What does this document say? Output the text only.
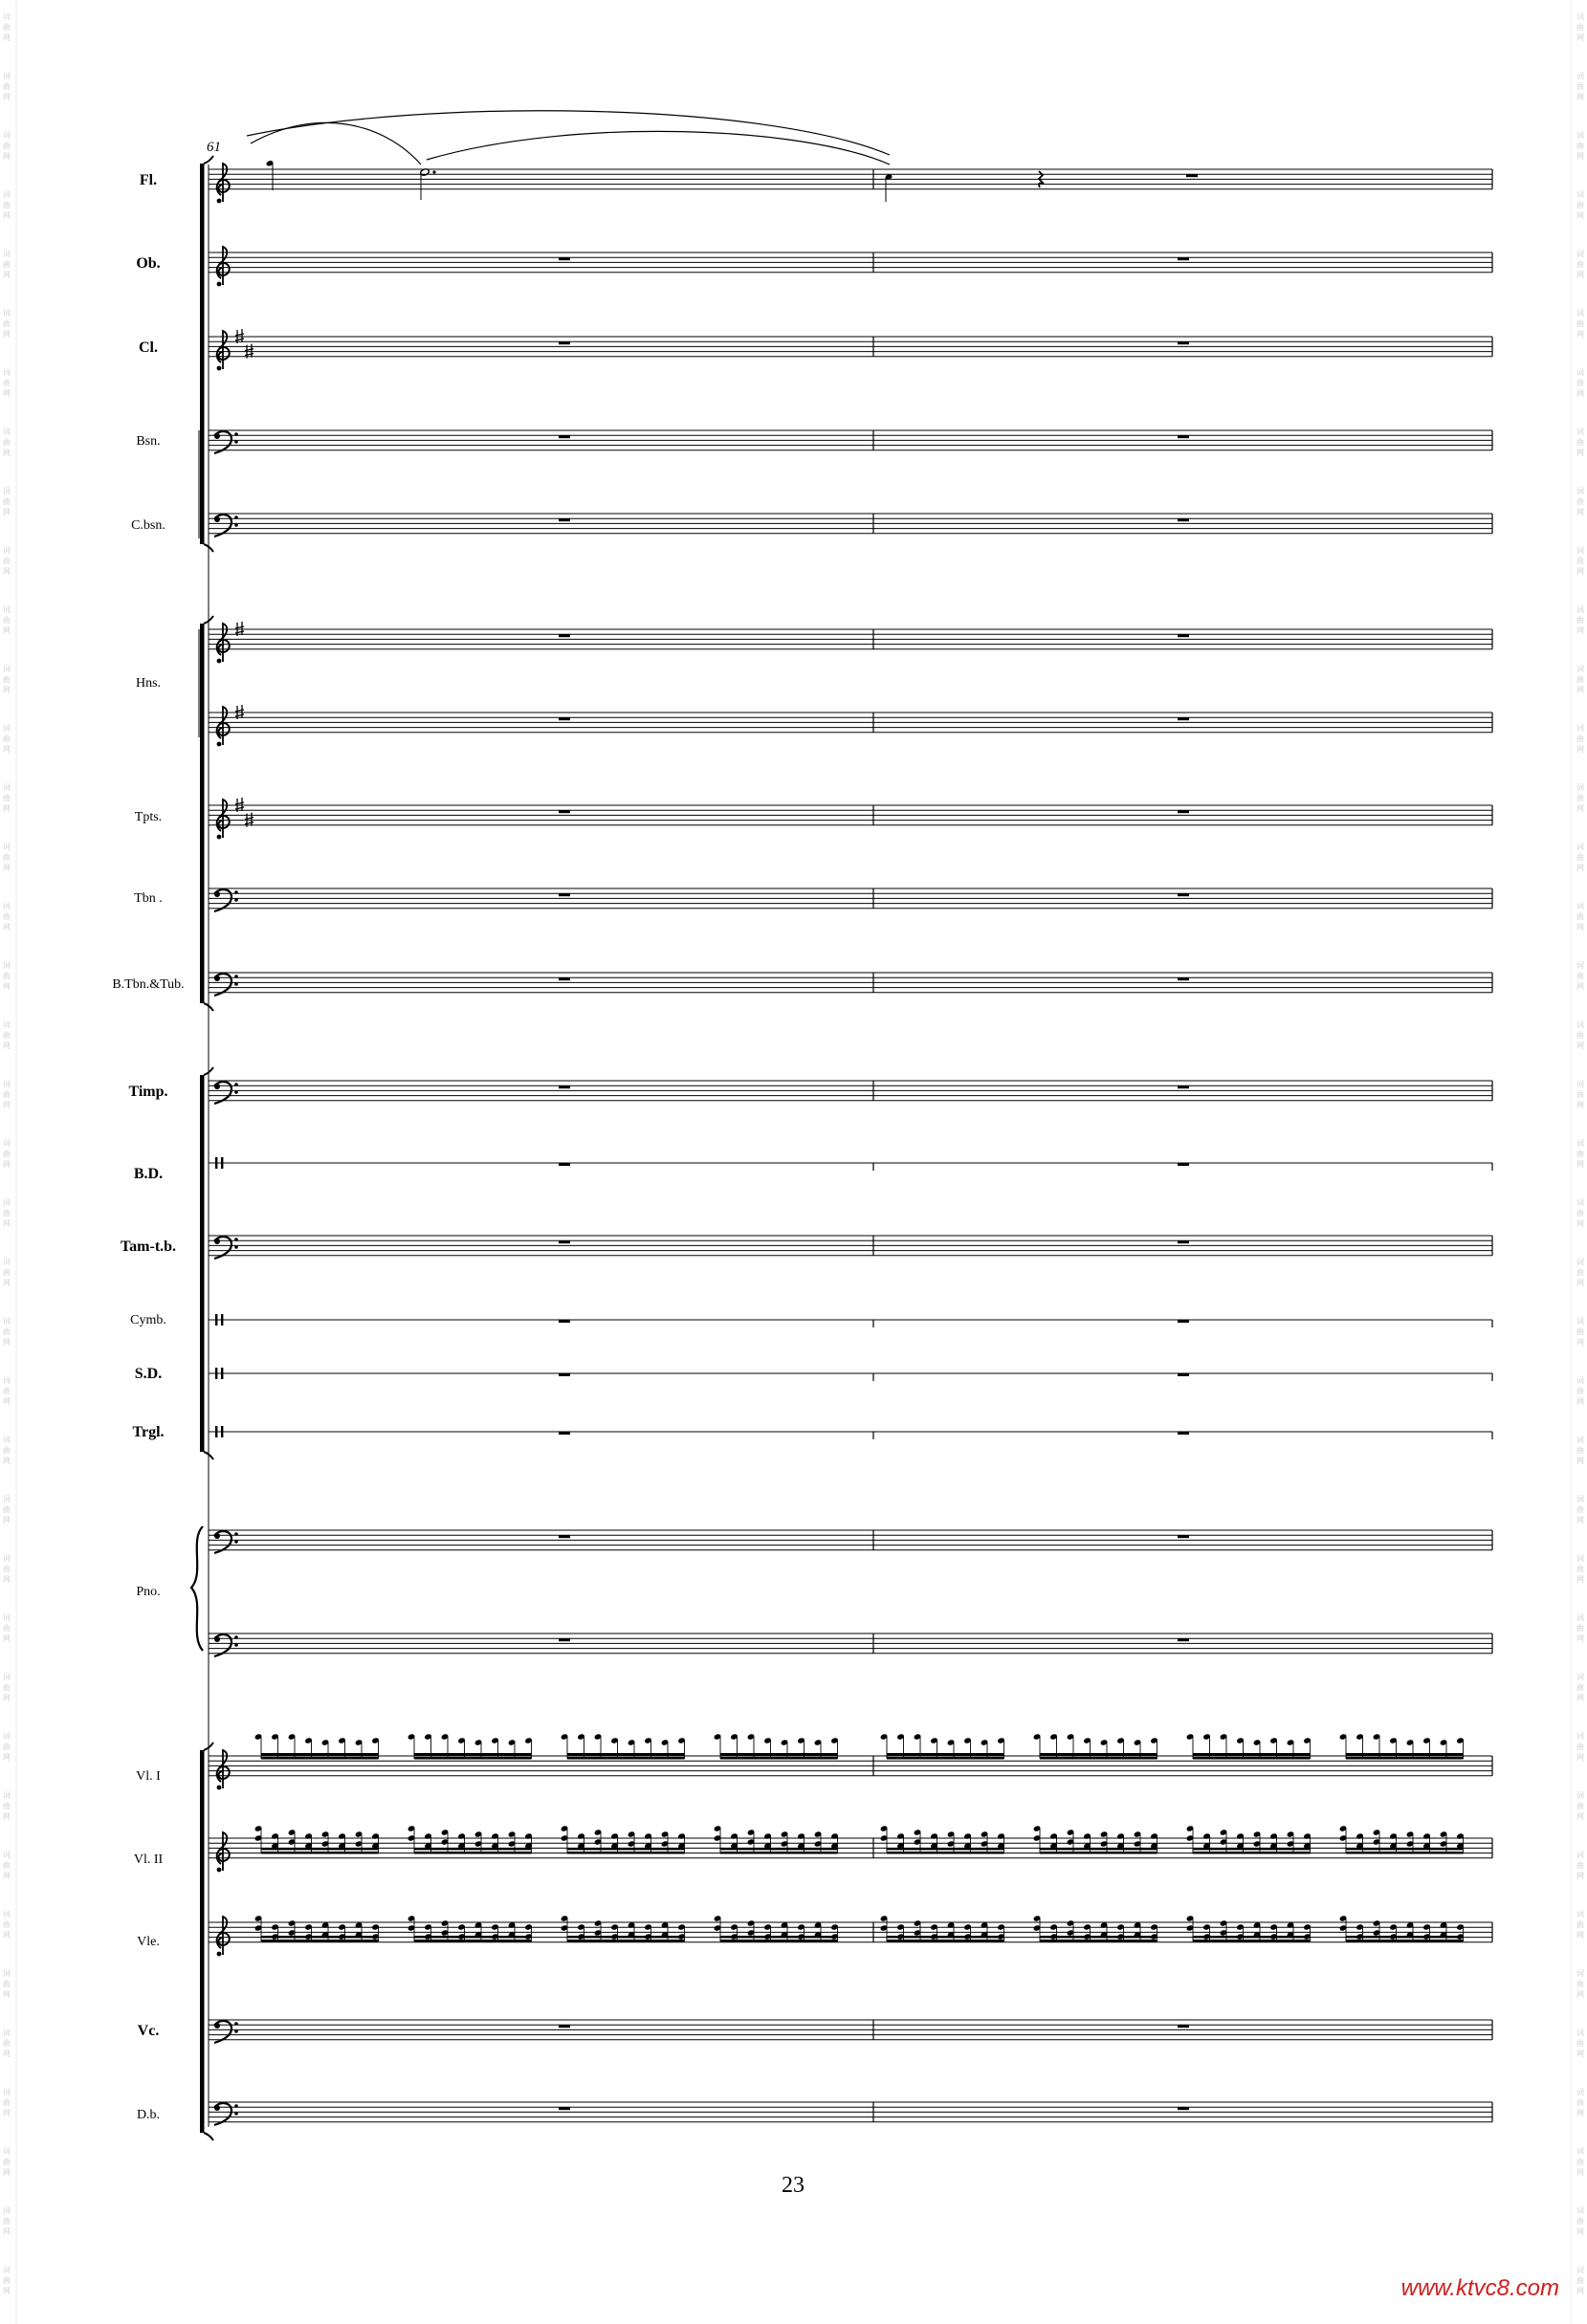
词
曲
网
词
曲
网
词
曲
网
词
曲
网
词
曲
网
词
曲
网
词
曲
网
词
曲
网
词
曲
网
词
曲
网
词
曲
网
词
曲
网
词
曲
网
词
曲
网
词
曲
网
词
曲
网
词
曲
网
词
曲
网
词
曲
网
词
曲
网
词
曲
网
词
曲
网
词
曲
网
词
曲
网
词
曲
网
词
曲
网
词
曲
网
词
曲
网
词
曲
网
词
曲
网
词
曲
网
词
曲
网
词
曲
网
词
曲
网
词
曲
网
词
曲
网
词
曲
网
词
曲
网
词
曲
网
词
曲
网
词
曲
网
词
曲
网
词
曲
网
词
曲
网
词
曲
网
词
曲
网
词
曲
网
词
曲
网
词
曲
网
词
曲
网
词
曲
网
词
曲
网
词
曲
网
词
曲
网
词
曲
网
词
曲
网
词
曲
网
词
曲
网
词
曲
网
词
曲
网
词
曲
网
词
曲
网
词
曲
网
词
曲
网
词
曲
网
词
曲
网
词
曲
网
词
曲
网
词
曲
网
词
曲
网
词
曲
网
词
曲
网
词
曲
网
词
曲
网
词
曲
网
词
曲
网
词
曲
网
词
曲
网
61
Fl.
Ob.
Cl.
Bsn.
C.bsn.
Hns.
Tpts.
Tbn .
B.Tbn.&Tub.
Timp.
B.D.
Tam-t.b.
Cymb.
S.D.
Trgl.
Pno.
Vl. I
Vl. II
Vle.
Vc.
D.b.
23
www.ktvc8.com
